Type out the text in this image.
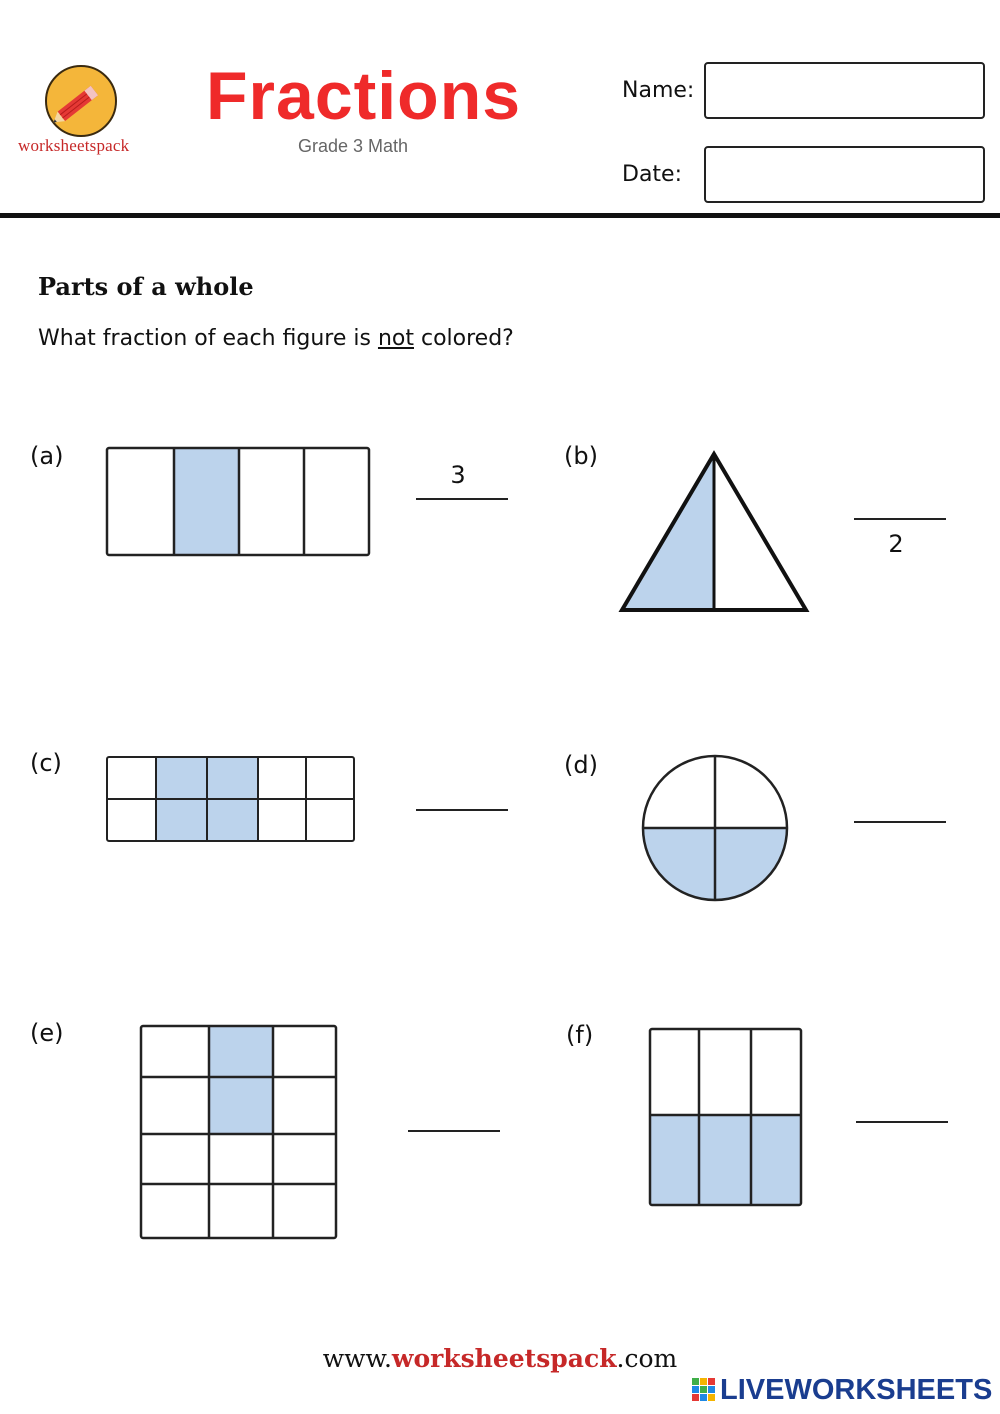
worksheetspack
Fractions
Grade 3 Math
Name:
Date:
Parts of a whole
What fraction of each figure is not colored?
(a)	(b)
(c)	(d)
(e)	(f)
3
2
www.worksheetspack.com
LIVEWORKSHEETS
